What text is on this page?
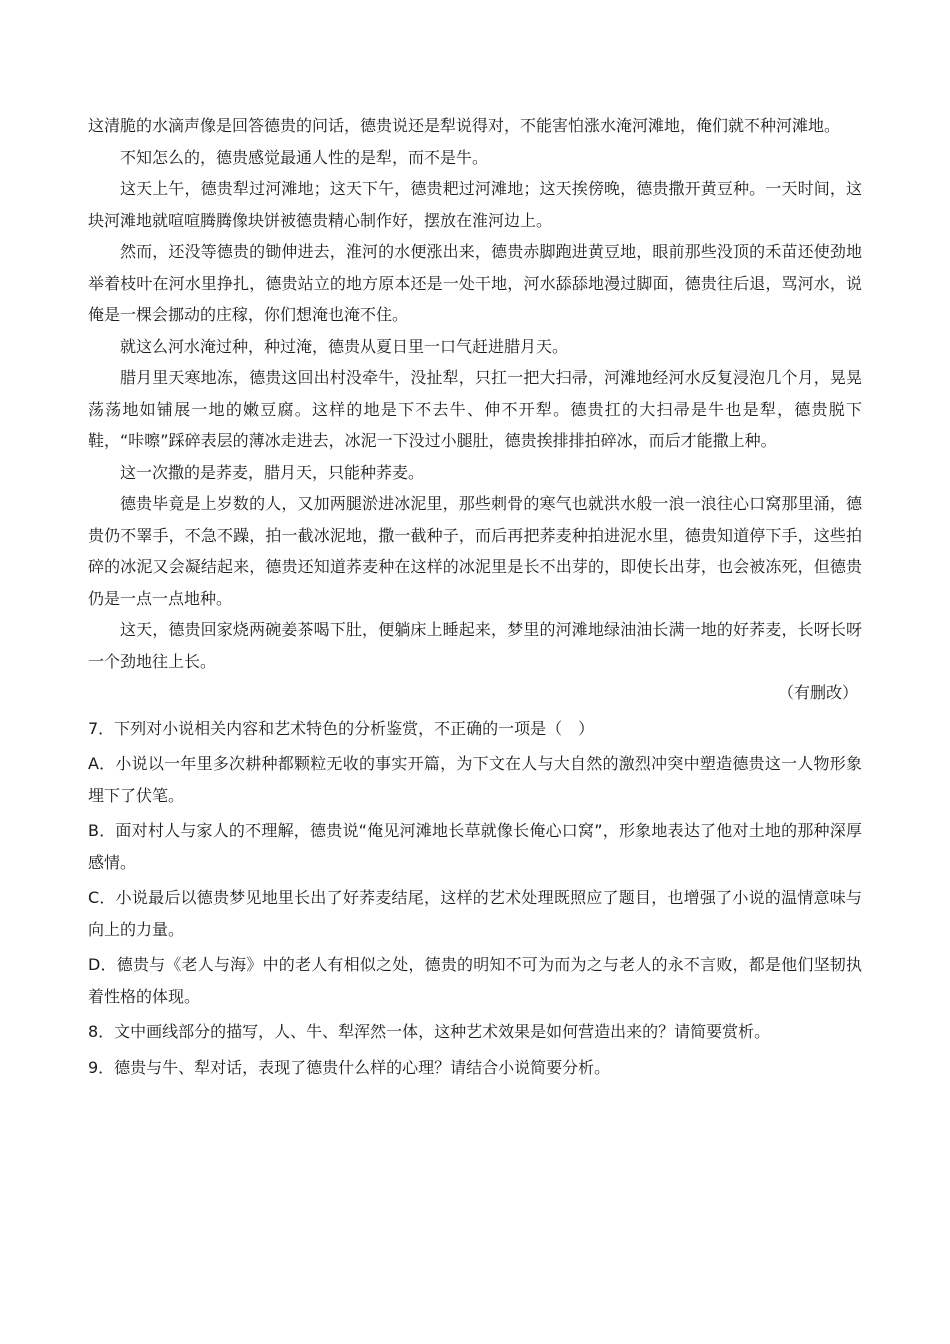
这清脆的水滴声像是回答德贵的问话，德贵说还是犁说得对，不能害怕涨水淹河滩地，俺们就不种河滩地。

不知怎么的，德贵感觉最通人性的是犁，而不是牛。

这天上午，德贵犁过河滩地；这天下午，德贵耙过河滩地；这天挨傍晚，德贵撒开黄豆种。一天时间，这块河滩地就喧喧腾腾像块饼被德贵精心制作好，摆放在淮河边上。

然而，还没等德贵的锄伸进去，淮河的水便涨出来，德贵赤脚跑进黄豆地，眼前那些没顶的禾苗还使劲地举着枝叶在河水里挣扎，德贵站立的地方原本还是一处干地，河水舔舔地漫过脚面，德贵往后退，骂河水，说俺是一棵会挪动的庄稼，你们想淹也淹不住。

就这么河水淹过种，种过淹，德贵从夏日里一口气赶进腊月天。

腊月里天寒地冻，德贵这回出村没牵牛，没扯犁，只扛一把大扫帚，河滩地经河水反复浸泡几个月，晃晃荡荡地如铺展一地的嫩豆腐。这样的地是下不去牛、伸不开犁。德贵扛的大扫帚是牛也是犁，德贵脱下鞋，“咔嚓”踩碎表层的薄冰走进去，冰泥一下没过小腿肚，德贵挨排排拍碎冰，而后才能撒上种。

这一次撒的是荞麦，腊月天，只能种荞麦。

德贵毕竟是上岁数的人，又加两腿淤进冰泥里，那些刺骨的寒气也就洪水般一浪一浪往心口窝那里涌，德贵仍不睪手，不急不躁，拍一截冰泥地，撒一截种子，而后再把荞麦种拍进泥水里，德贵知道停下手，这些拍碎的冰泥又会凝结起来，德贵还知道荞麦种在这样的冰泥里是长不出芽的，即使长出芽，也会被冻死，但德贵仍是一点一点地种。

这天，德贵回家烧两碗姜茶喝下肚，便躺床上睡起来，梦里的河滩地绿油油长满一地的好荞麦，长呀长呀一个劲地往上长。

（有删改）

7．下列对小说相关内容和艺术特色的分析鉴赏，不正确的一项是（　）

A．小说以一年里多次耕种都颗粒无收的事实开篇，为下文在人与大自然的激烈冲突中塑造德贵这一人物形象埋下了伏笔。

B．面对村人与家人的不理解，德贵说“俺见河滩地长草就像长俺心口窝”，形象地表达了他对土地的那种深厚感情。

C．小说最后以德贵梦见地里长出了好荞麦结尾，这样的艺术处理既照应了题目，也增强了小说的温情意味与向上的力量。

D．德贵与《老人与海》中的老人有相似之处，德贵的明知不可为而为之与老人的永不言败，都是他们坚韧执着性格的体现。

8．文中画线部分的描写，人、牛、犁浑然一体，这种艺术效果是如何营造出来的？请简要赏析。

9．德贵与牛、犁对话，表现了德贵什么样的心理？请结合小说简要分析。
